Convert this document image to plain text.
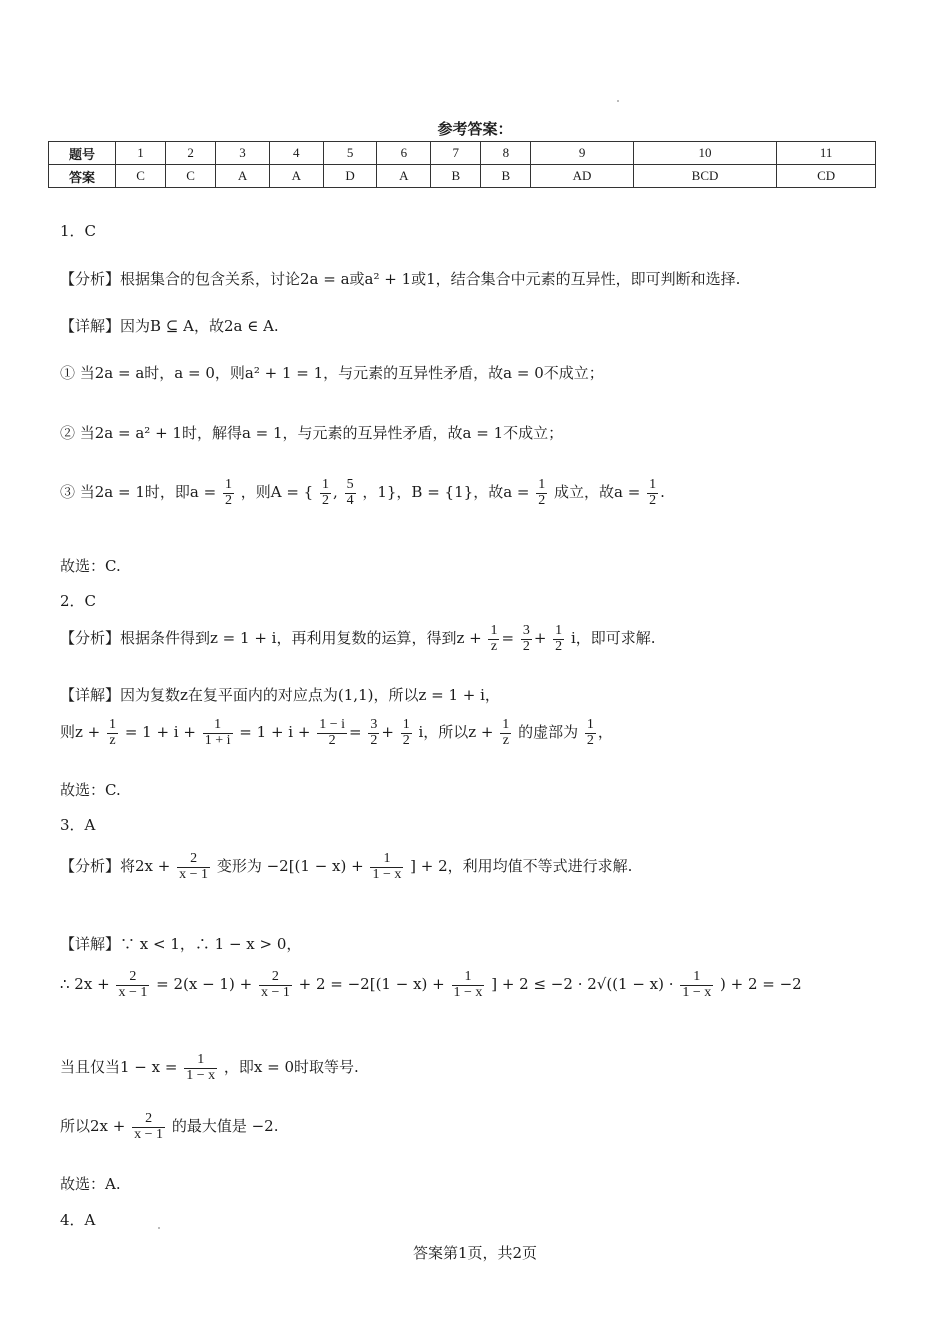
参考答案：
题号	1	2	3	4	5	6	7	8	9	10	11
答案	C	C	A	A	D	A	B	B	AD	BCD	CD
1．C
【分析】根据集合的包含关系，讨论2a = a或a² + 1或1，结合集合中元素的互异性，即可判断和选择.
【详解】因为B ⊆ A，故2a ∈ A.
① 当2a = a时，a = 0，则a² + 1 = 1，与元素的互异性矛盾，故a = 0不成立；
② 当2a = a² + 1时，解得a = 1，与元素的互异性矛盾，故a = 1不成立；
③ 当2a = 1时，即$a = \frac{1}{2}$ ，则A = { $\frac{1}{2}$ , $\frac{5}{4}$ ，1}，B = {1}，故$a = \frac{1}{2}$ 成立，故$a = \frac{1}{2}$ .
故选：C.
2．C
【分析】根据条件得到z = 1 + i，再利用复数的运算，得到$z + \frac{1}{z} = \frac{3}{2} + \frac{1}{2}$ i，即可求解.
【详解】因为复数z在复平面内的对应点为(1,1)，所以z = 1 + i，
则$z + \frac{1}{z} = 1 + i + \frac{1}{1 + i} = 1 + i + \frac{1 - i}{2} = \frac{3}{2} + \frac{1}{2}$ i，所以$z + \frac{1}{z}$ 的虚部为 $\frac{1}{2}$ ，
故选：C.
3．A
【分析】将$2x + \frac{2}{x - 1}$ 变形为 $-2[(1 - x) + \frac{1}{1 - x}$ ] + 2，利用均值不等式进行求解.
【详解】∵ x < 1，∴ 1 − x > 0，
∴ $2x + \frac{2}{x - 1} = 2(x - 1) + \frac{2}{x - 1} + 2 = -2[(1 - x) + \frac{1}{1 - x}$ ] + $2 \le -2 \cdot 2√((1 - x) \cdot \frac{1}{1 - x}$ ) + 2 = −2
当且仅当$1 - x = \frac{1}{1 - x}$ ，即x = 0时取等号.
所以$2x + \frac{2}{x - 1}$ 的最大值是 −2.
故选：A.
4．A
答案第1页，共2页
